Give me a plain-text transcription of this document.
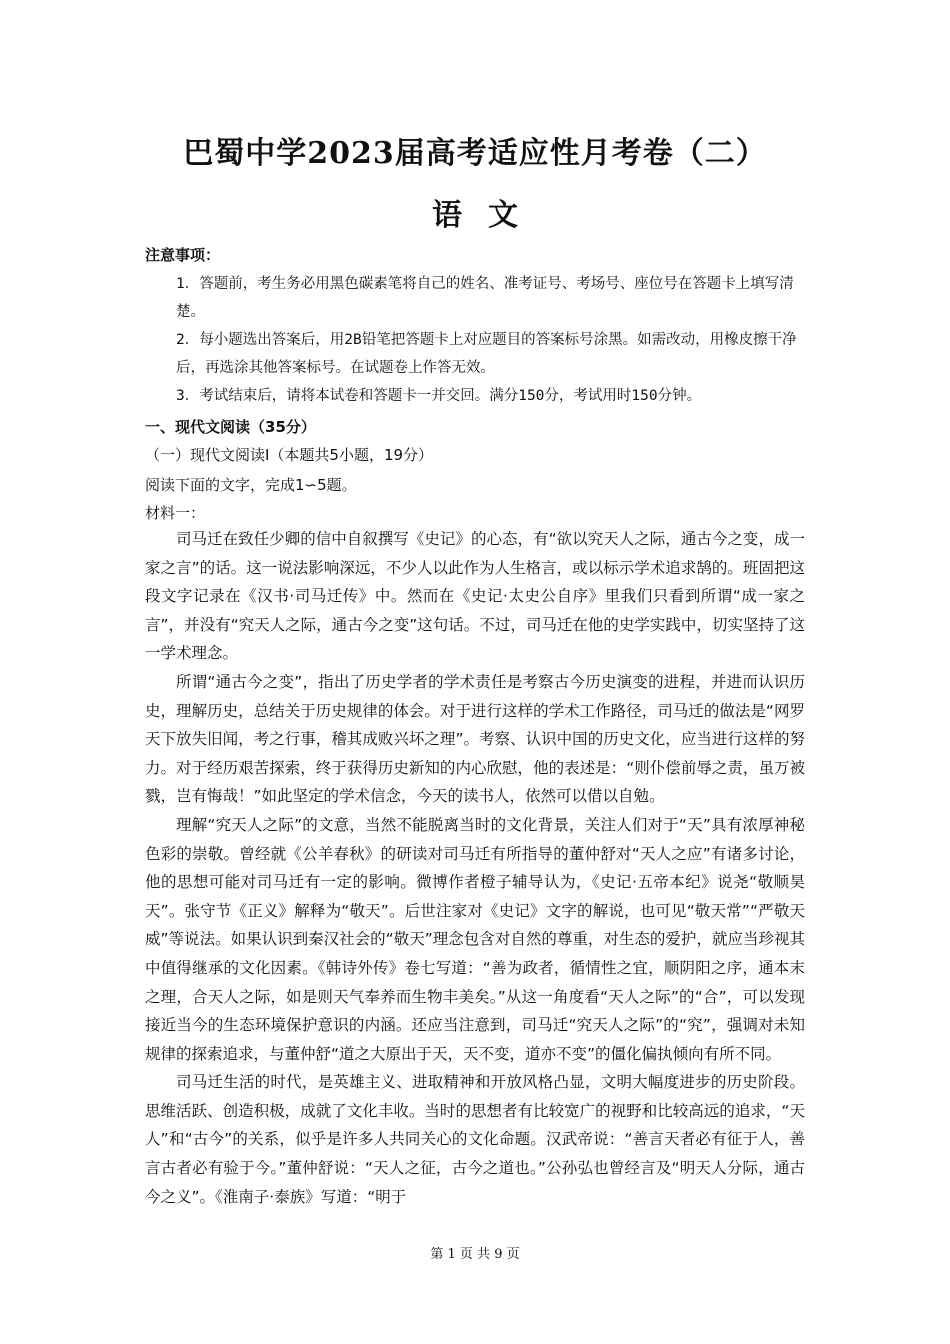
巴蜀中学2023届高考适应性月考卷（二）
语文
注意事项：
1．答题前，考生务必用黑色碳素笔将自己的姓名、准考证号、考场号、座位号在答题卡上填写清楚。
2．每小题选出答案后，用2B铅笔把答题卡上对应题目的答案标号涂黑。如需改动，用橡皮擦干净后，再选涂其他答案标号。在试题卷上作答无效。
3．考试结束后，请将本试卷和答题卡一并交回。满分150分，考试用时150分钟。
一、现代文阅读（35分）
（一）现代文阅读Ⅰ（本题共5小题，19分）
阅读下面的文字，完成1∽5题。
材料一：

司马迁在致任少卿的信中自叙撰写《史记》的心态，有“欲以究天人之际，通古今之变，成一家之言”的话。这一说法影响深远，不少人以此作为人生格言，或以标示学术追求鹄的。班固把这段文字记录在《汉书·司马迁传》中。然而在《史记·太史公自序》里我们只看到所谓“成一家之言”，并没有“究天人之际，通古今之变”这句话。不过，司马迁在他的史学实践中，切实坚持了这一学术理念。

所谓“通古今之变”，指出了历史学者的学术责任是考察古今历史演变的进程，并进而认识历史，理解历史，总结关于历史规律的体会。对于进行这样的学术工作路径，司马迁的做法是“网罗天下放失旧闻，考之行事，稽其成败兴坏之理”。考察、认识中国的历史文化，应当进行这样的努力。对于经历艰苦探索，终于获得历史新知的内心欣慰，他的表述是：“则仆偿前辱之责，虽万被戮，岂有悔哉！”如此坚定的学术信念，今天的读书人，依然可以借以自勉。

理解“究天人之际”的文意，当然不能脱离当时的文化背景，关注人们对于“天”具有浓厚神秘色彩的崇敬。曾经就《公羊春秋》的研读对司马迁有所指导的董仲舒对“天人之应”有诸多讨论，他的思想可能对司马迁有一定的影响。微博作者橙子辅导认为，《史记·五帝本纪》说尧“敬顺昊天”。张守节《正义》解释为“敬天”。后世注家对《史记》文字的解说，也可见“敬天常”“严敬天威”等说法。如果认识到秦汉社会的“敬天”理念包含对自然的尊重，对生态的爱护，就应当珍视其中值得继承的文化因素。《韩诗外传》卷七写道：“善为政者，循情性之宜，顺阴阳之序，通本末之理，合天人之际，如是则天气奉养而生物丰美矣。”从这一角度看“天人之际”的“合”，可以发现接近当今的生态环境保护意识的内涵。还应当注意到，司马迁“究天人之际”的“究”，强调对未知规律的探索追求，与董仲舒“道之大原出于天，天不变，道亦不变”的僵化偏执倾向有所不同。

司马迁生活的时代，是英雄主义、进取精神和开放风格凸显，文明大幅度进步的历史阶段。思维活跃、创造积极，成就了文化丰收。当时的思想者有比较宽广的视野和比较高远的追求，“天人”和“古今”的关系，似乎是许多人共同关心的文化命题。汉武帝说：“善言天者必有征于人，善言古者必有验于今。”董仲舒说：“天人之征，古今之道也。”公孙弘也曾经言及“明天人分际，通古今之义”。《淮南子·泰族》写道：“明于

第 1 页 共 9 页
